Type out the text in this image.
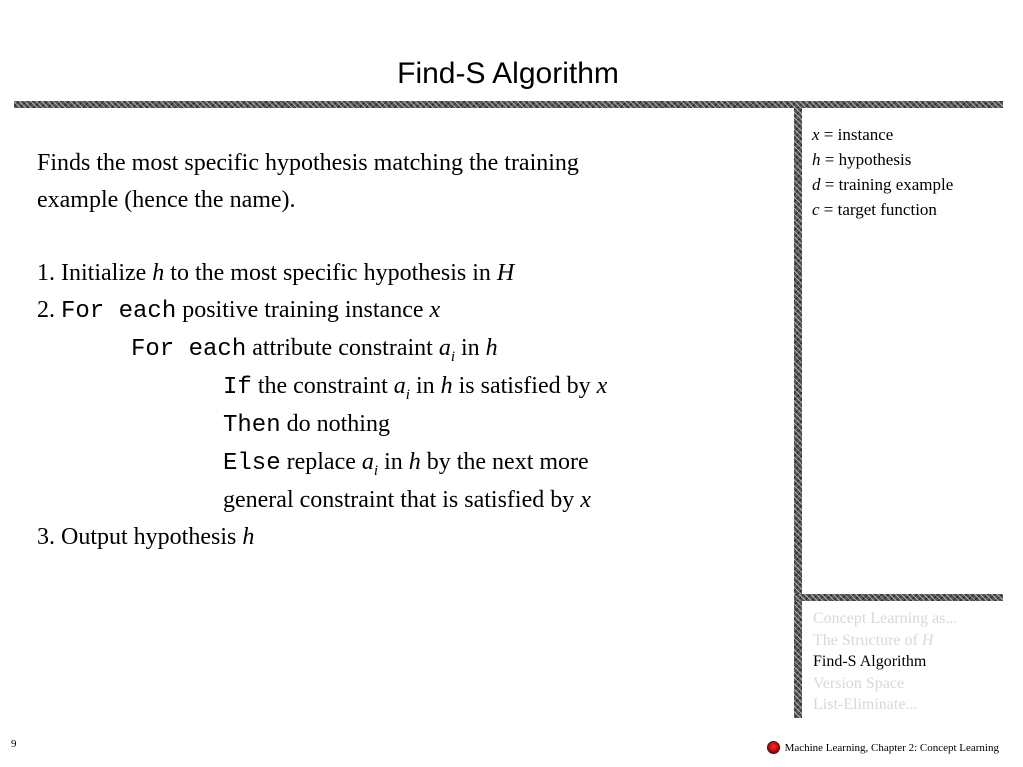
Find-S Algorithm
Finds the most specific hypothesis matching the training
example (hence the name).
1. Initialize h to the most specific hypothesis in H
2. For each positive training instance x
For each attribute constraint $a_i$ in h
If the constraint $a_i$ in h is satisfied by x
Then do nothing
Else replace $a_i$ in h by the next more
general constraint that is satisfied by x
3. Output hypothesis h
x = instance
h = hypothesis
d = training example
c = target function
Concept Learning as...
The Structure of H
Find-S Algorithm
Version Space
List-Eliminate...
9	Machine Learning, Chapter 2: Concept Learning
